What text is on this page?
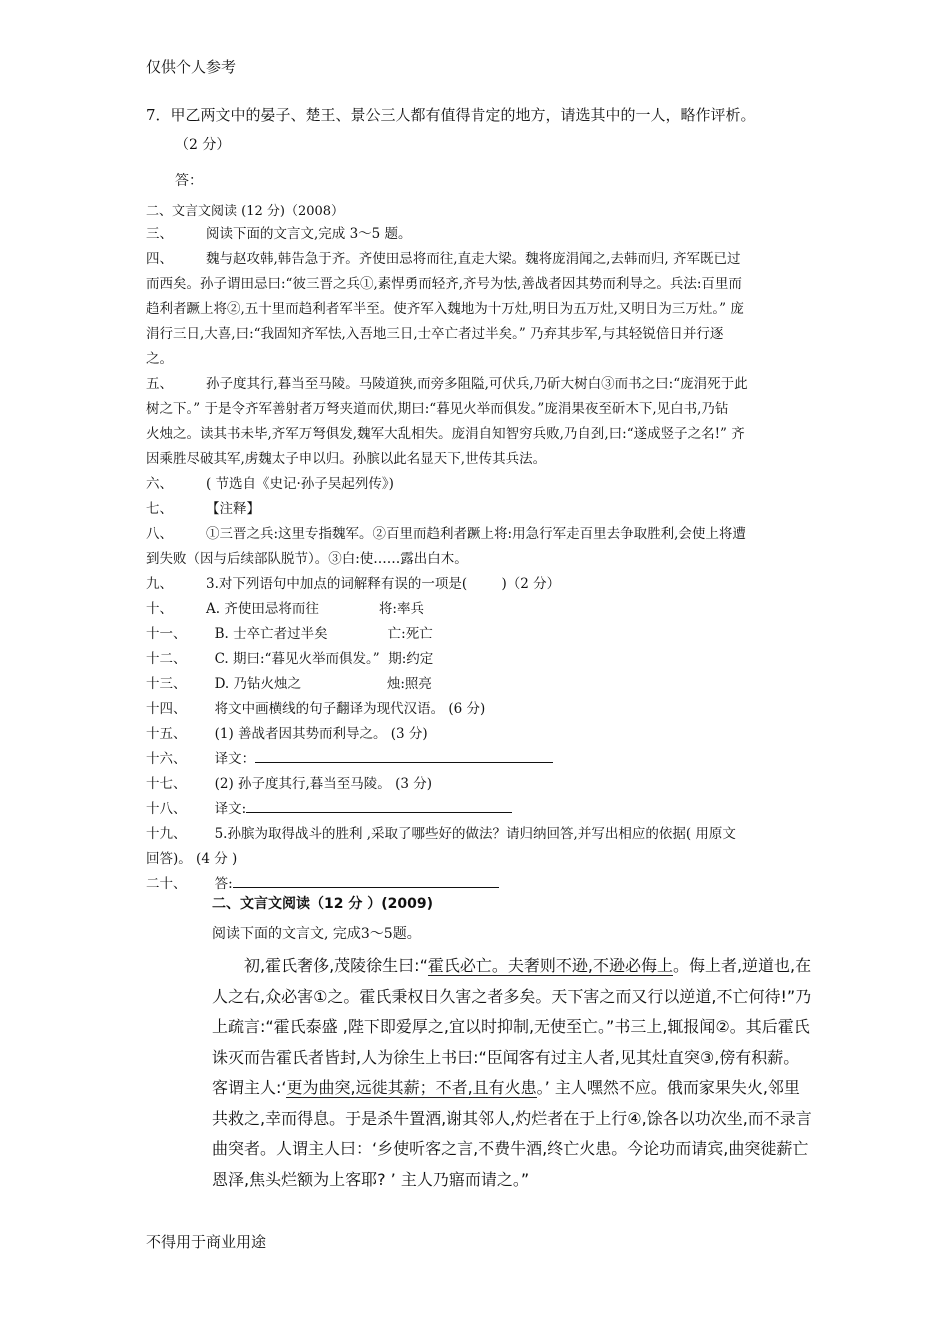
仅供个人参考
7．甲乙两文中的晏子、楚王、景公三人都有值得肯定的地方，请选其中的一人，略作评析。
（2 分）
答：
二、文言文阅读 (12 分)（2008）
三、	阅读下面的文言文,完成 3～5 题。
四、	魏与赵攻韩,韩告急于齐。齐使田忌将而往,直走大梁。魏将庞涓闻之,去韩而归, 齐军既已过
而西矣。孙子谓田忌曰:“彼三晋之兵①,素悍勇而轻齐,齐号为怯,善战者因其势而利导之。兵法:百里而
趋利者蹶上将②,五十里而趋利者军半至。使齐军入魏地为十万灶,明日为五万灶,又明日为三万灶。” 庞
涓行三日,大喜,曰:“我固知齐军怯,入吾地三日,士卒亡者过半矣。” 乃弃其步军,与其轻锐倍日并行逐
之。
五、	孙子度其行,暮当至马陵。马陵道狭,而旁多阻隘,可伏兵,乃斫大树白③而书之曰:“庞涓死于此
树之下。” 于是令齐军善射者万弩夹道而伏,期曰:“暮见火举而俱发。”庞涓果夜至斫木下,见白书,乃钻
火烛之。读其书未毕,齐军万弩俱发,魏军大乱相失。庞涓自知智穷兵败,乃自刭,曰:“遂成竖子之名!” 齐
因乘胜尽破其军,虏魏太子申以归。孙膑以此名显天下,世传其兵法。
六、	( 节选自《史记·孙子吴起列传》)
七、	【注释】
八、	①三晋之兵:这里专指魏军。②百里而趋利者蹶上将:用急行军走百里去争取胜利,会使上将遭
到失败（因与后续部队脱节）。③白:使……露出白木。
九、	3.对下列语句中加点的词解释有误的一项是(        )（2 分）
十、	A. 齐使田忌将而往              将:率兵
十一、	B. 士卒亡者过半矣              亡:死亡
十二、	C. 期曰:“暮见火举而俱发。”  期:约定
十三、	D. 乃钻火烛之                    烛:照亮
十四、	将文中画横线的句子翻译为现代汉语。 (6 分)
十五、	(1) 善战者因其势而利导之。 (3 分)
十六、	译文：
十七、	(2) 孙子度其行,暮当至马陵。 (3 分)
十八、	译文:
十九、	5.孙膑为取得战斗的胜利 ,采取了哪些好的做法？请归纳回答,并写出相应的依据( 用原文
回答)。 (4 分 )
二十、	答:
二、文言文阅读（12 分 ）(2009)
阅读下面的文言文, 完成3～5题。

初,霍氏奢侈,茂陵徐生曰:“霍氏必亡。夫奢则不逊,不逊必侮上。侮上者,逆道也,在人之右,众必害①之。霍氏秉权日久害之者多矣。天下害之而又行以逆道,不亡何待!”乃上疏言:“霍氏泰盛 ,陛下即爱厚之,宜以时抑制,无使至亡。”书三上,辄报闻②。其后霍氏诛灭而告霍氏者皆封,人为徐生上书曰:“臣闻客有过主人者,见其灶直突③,傍有积薪。客谓主人:‘更为曲突,远徙其薪；不者,且有火患。’ 主人嘿然不应。俄而家果失火,邻里共救之,幸而得息。于是杀牛置酒,谢其邻人,灼烂者在于上行④,馀各以功次坐,而不录言曲突者。人谓主人曰：‘乡使听客之言,不费牛酒,终亡火患。今论功而请宾,曲突徙薪亡恩泽,焦头烂额为上客耶? ’ 主人乃寤而请之。”

不得用于商业用途
